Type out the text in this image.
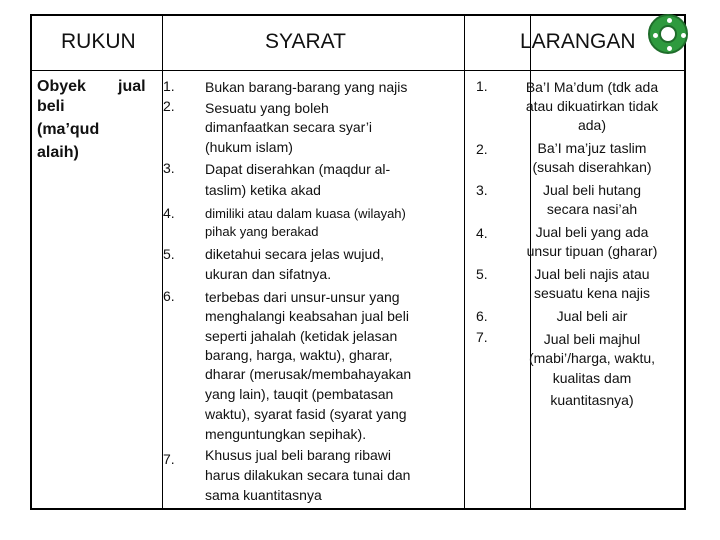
RUKUN	SYARAT	LARANGAN
Obyek jual
beli
(ma’qud
alaih)
1.
2.
3.
4.
5.
6.
7.
Bukan barang-barang yang najis
Sesuatu yang boleh
dimanfaatkan secara syar’i
(hukum islam)
Dapat diserahkan (maqdur al-
taslim) ketika akad
dimiliki atau dalam kuasa (wilayah)
pihak yang berakad
diketahui secara jelas wujud,
ukuran dan sifatnya.
terbebas dari unsur-unsur yang
menghalangi keabsahan jual beli
seperti jahalah (ketidak jelasan
barang, harga, waktu), gharar,
dharar (merusak/membahayakan
yang lain), tauqit (pembatasan
waktu), syarat fasid (syarat yang
menguntungkan sepihak).
Khusus jual beli barang ribawi
harus dilakukan secara tunai dan
sama kuantitasnya
1.
2.
3.
4.
5.
6.
7.
Ba’I Ma’dum (tdk ada
atau dikuatirkan tidak
ada)
Ba’I ma’juz taslim
(susah diserahkan)
Jual beli hutang
secara nasi’ah
Jual beli yang ada
unsur tipuan (gharar)
Jual beli najis atau
sesuatu kena najis
Jual beli air
Jual beli majhul
(mabi’/harga, waktu,
kualitas dam
kuantitasnya)
